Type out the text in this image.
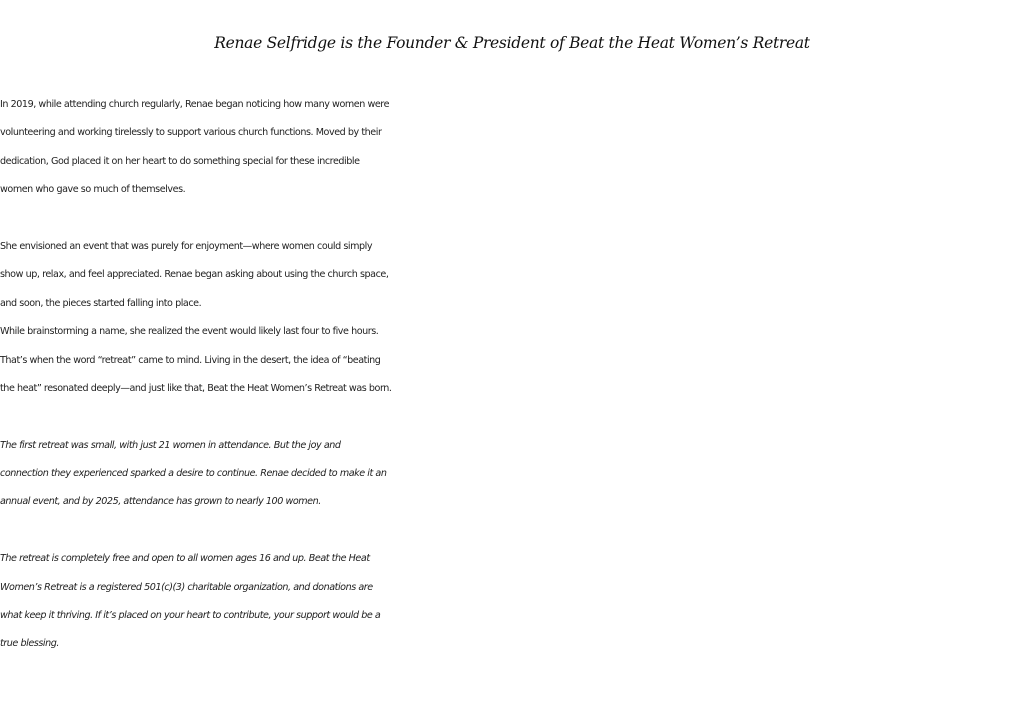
Renae Selfridge is the Founder & President of Beat the Heat Women’s Retreat
In 2019, while attending church regularly, Renae began noticing how many women were
volunteering and working tirelessly to support various church functions. Moved by their
dedication, God placed it on her heart to do something special for these incredible
women who gave so much of themselves.
She envisioned an event that was purely for enjoyment—where women could simply
show up, relax, and feel appreciated. Renae began asking about using the church space,
and soon, the pieces started falling into place.
While brainstorming a name, she realized the event would likely last four to five hours.
That’s when the word “retreat” came to mind. Living in the desert, the idea of “beating
the heat” resonated deeply—and just like that, Beat the Heat Women’s Retreat was born.
The first retreat was small, with just 21 women in attendance. But the joy and
connection they experienced sparked a desire to continue. Renae decided to make it an
annual event, and by 2025, attendance has grown to nearly 100 women.
The retreat is completely free and open to all women ages 16 and up. Beat the Heat
Women’s Retreat is a registered 501(c)(3) charitable organization, and donations are
what keep it thriving. If it’s placed on your heart to contribute, your support would be a
true blessing.
